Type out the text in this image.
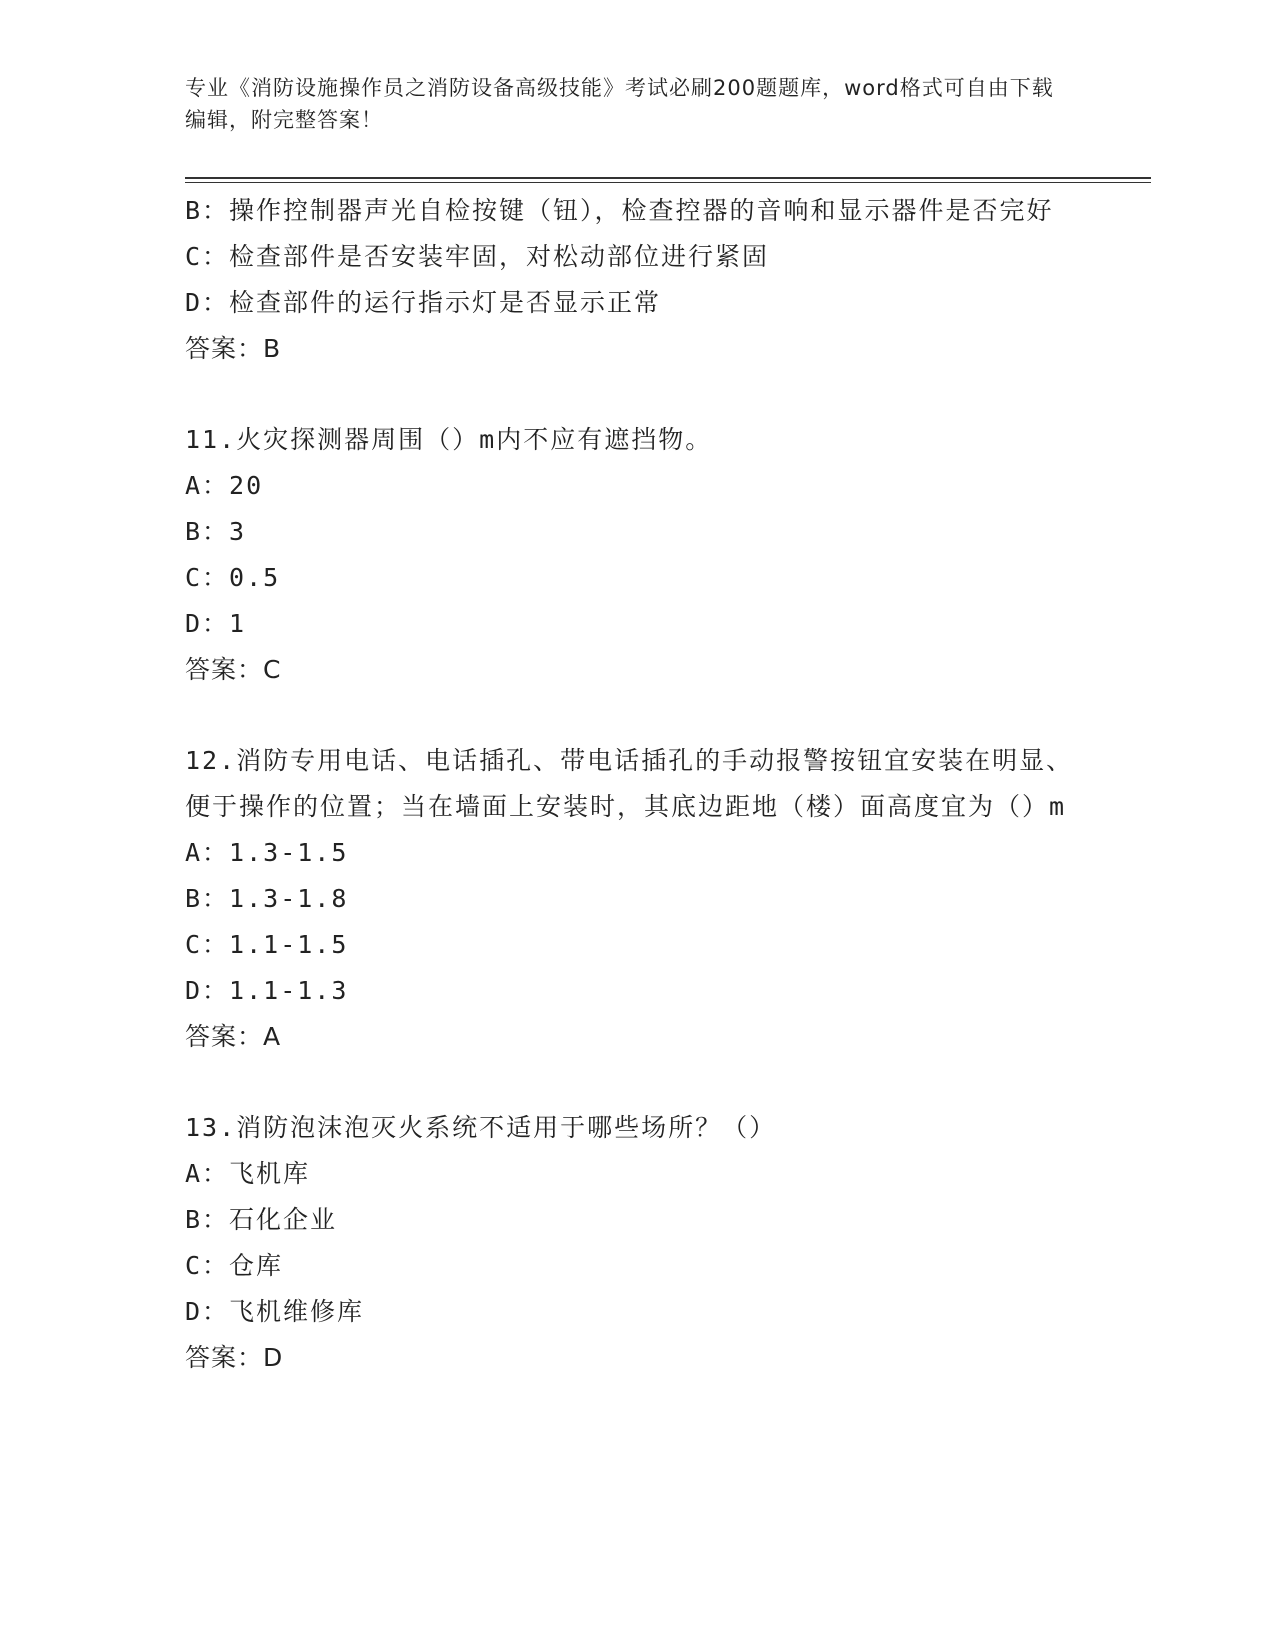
专业《消防设施操作员之消防设备高级技能》考试必刷200题题库，word格式可自由下载编辑，附完整答案！
B：操作控制器声光自检按键（钮），检查控器的音响和显示器件是否完好
C：检查部件是否安装牢固，对松动部位进行紧固
D：检查部件的运行指示灯是否显示正常
答案：B
11.火灾探测器周围（）m内不应有遮挡物。
A：20
B：3
C：0.5
D：1
答案：C
12.消防专用电话、电话插孔、带电话插孔的手动报警按钮宜安装在明显、便于操作的位置；当在墙面上安装时，其底边距地（楼）面高度宜为（）m
A：1.3-1.5
B：1.3-1.8
C：1.1-1.5
D：1.1-1.3
答案：A
13.消防泡沫泡灭火系统不适用于哪些场所？（）
A：飞机库
B：石化企业
C：仓库
D：飞机维修库
答案：D
